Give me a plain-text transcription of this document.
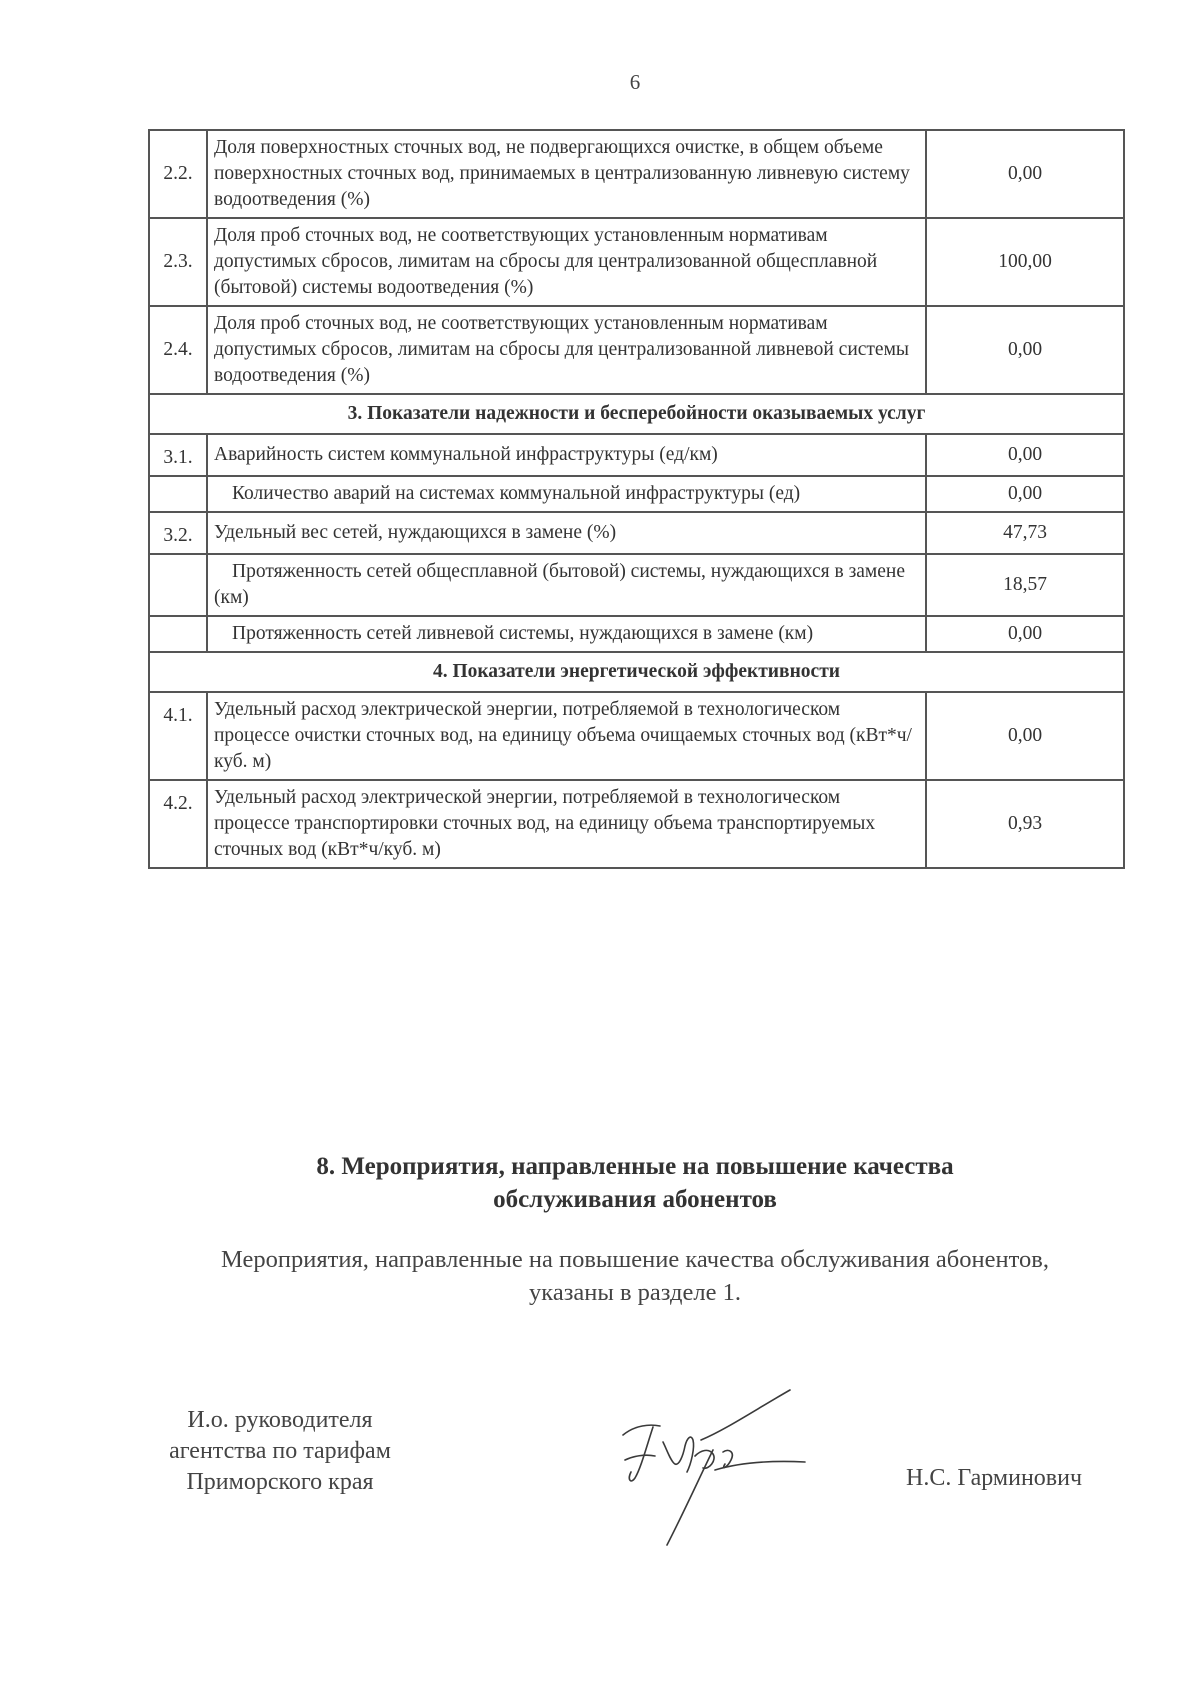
6
2.2.	Доля поверхностных сточных вод, не подвергающихся очистке, в общем объеме поверхностных сточных вод, принимаемых в централизованную ливневую систему водоотведения (%)	0,00
2.3.	Доля проб сточных вод, не соответствующих установленным нормативам допустимых сбросов, лимитам на сбросы для централизованной общесплавной (бытовой) системы водоотведения (%)	100,00
2.4.	Доля проб сточных вод, не соответствующих установленным нормативам допустимых сбросов, лимитам на сбросы для централизованной ливневой системы водоотведения (%)	0,00
3. Показатели надежности и бесперебойности оказываемых услуг		
3.1.	Аварийность систем коммунальной инфраструктуры (ед/км)	0,00
	Количество аварий на системах коммунальной инфраструктуры (ед)	0,00
3.2.	Удельный вес сетей, нуждающихся в замене (%)	47,73
	Протяженность сетей общесплавной (бытовой) системы, нуждающихся в замене (км)	18,57
	Протяженность сетей ливневой системы, нуждающихся в замене (км)	0,00
4. Показатели энергетической эффективности		
4.1.	Удельный расход электрической энергии, потребляемой в технологическом процессе очистки сточных вод, на единицу объема очищаемых сточных вод (кВт*ч/куб. м)	0,00
4.2.	Удельный расход электрической энергии, потребляемой в технологическом процессе транспортировки сточных вод, на единицу объема транспортируемых сточных вод (кВт*ч/куб. м)	0,93
8. Мероприятия, направленные на повышение качества
обслуживания абонентов
Мероприятия, направленные на повышение качества обслуживания абонентов,
указаны в разделе 1.
И.о. руководителя
агентства по тарифам
Приморского края	Н.С. Гарминович
